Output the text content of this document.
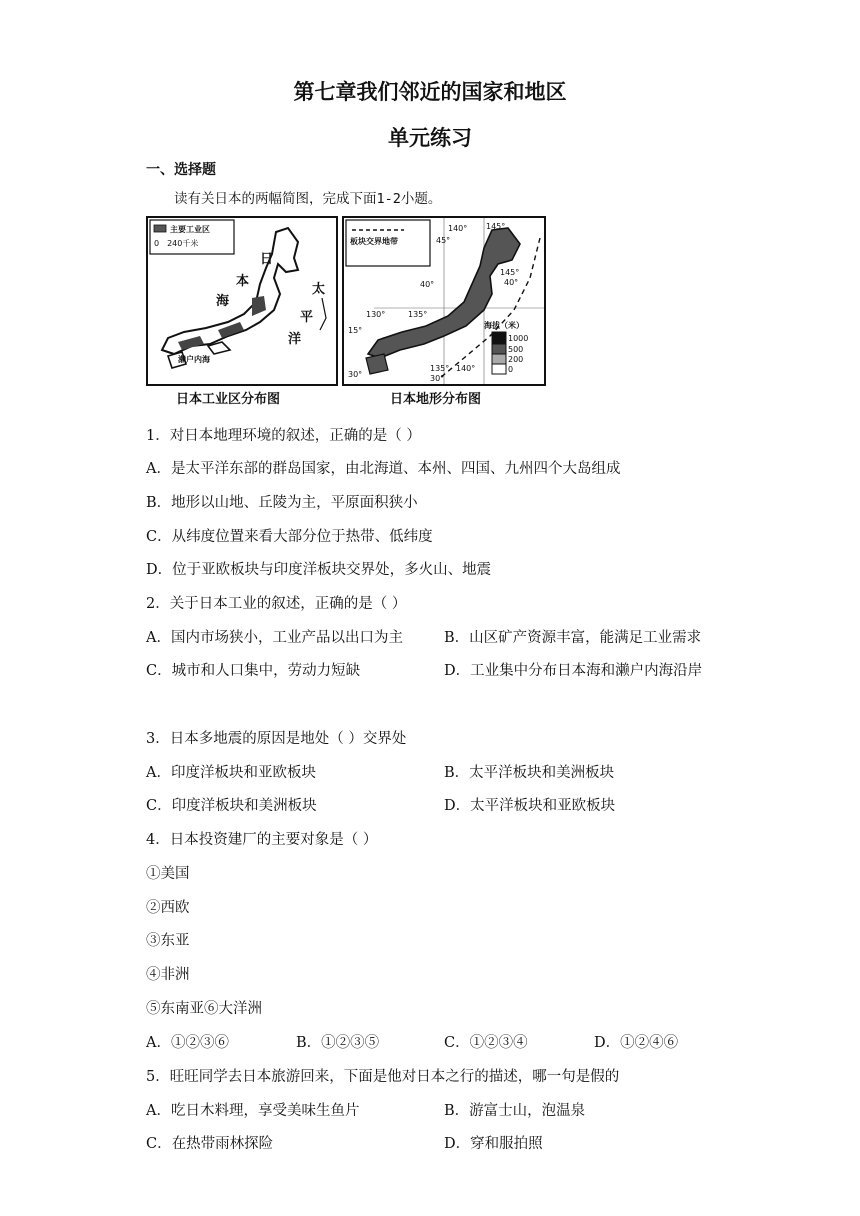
第七章我们邻近的国家和地区
单元练习
一、选择题
读有关日本的两幅简图，完成下面1-2小题。
主要工业区
0　240千米
日
本
海
太
平
洋
濑户内海
日本工业区分布图
板块交界地带
海拔（米）
1000
500
200
0
140° 145°
45°
145°
40°
40°
130°	135°
15°
135°
30°
140°
30°
日本地形分布图
1．对日本地理环境的叙述，正确的是（ ）
A．是太平洋东部的群岛国家，由北海道、本州、四国、九州四个大岛组成
B．地形以山地、丘陵为主，平原面积狭小
C．从纬度位置来看大部分位于热带、低纬度
D．位于亚欧板块与印度洋板块交界处，多火山、地震
2．关于日本工业的叙述，正确的是（ ）
A．国内市场狭小，工业产品以出口为主	B．山区矿产资源丰富，能满足工业需求
C．城市和人口集中，劳动力短缺	D．工业集中分布日本海和濑户内海沿岸
3．日本多地震的原因是地处（ ）交界处
A．印度洋板块和亚欧板块	B．太平洋板块和美洲板块
C．印度洋板块和美洲板块	D．太平洋板块和亚欧板块
4．日本投资建厂的主要对象是（ ）
①美国
②西欧
③东亚
④非洲
⑤东南亚⑥大洋洲
A．①②③⑥	B．①②③⑤	C．①②③④	D．①②④⑥
5．旺旺同学去日本旅游回来，下面是他对日本之行的描述，哪一句是假的
A．吃日木料理，享受美味生鱼片	B．游富士山，泡温泉
C．在热带雨林探险	D．穿和服拍照
